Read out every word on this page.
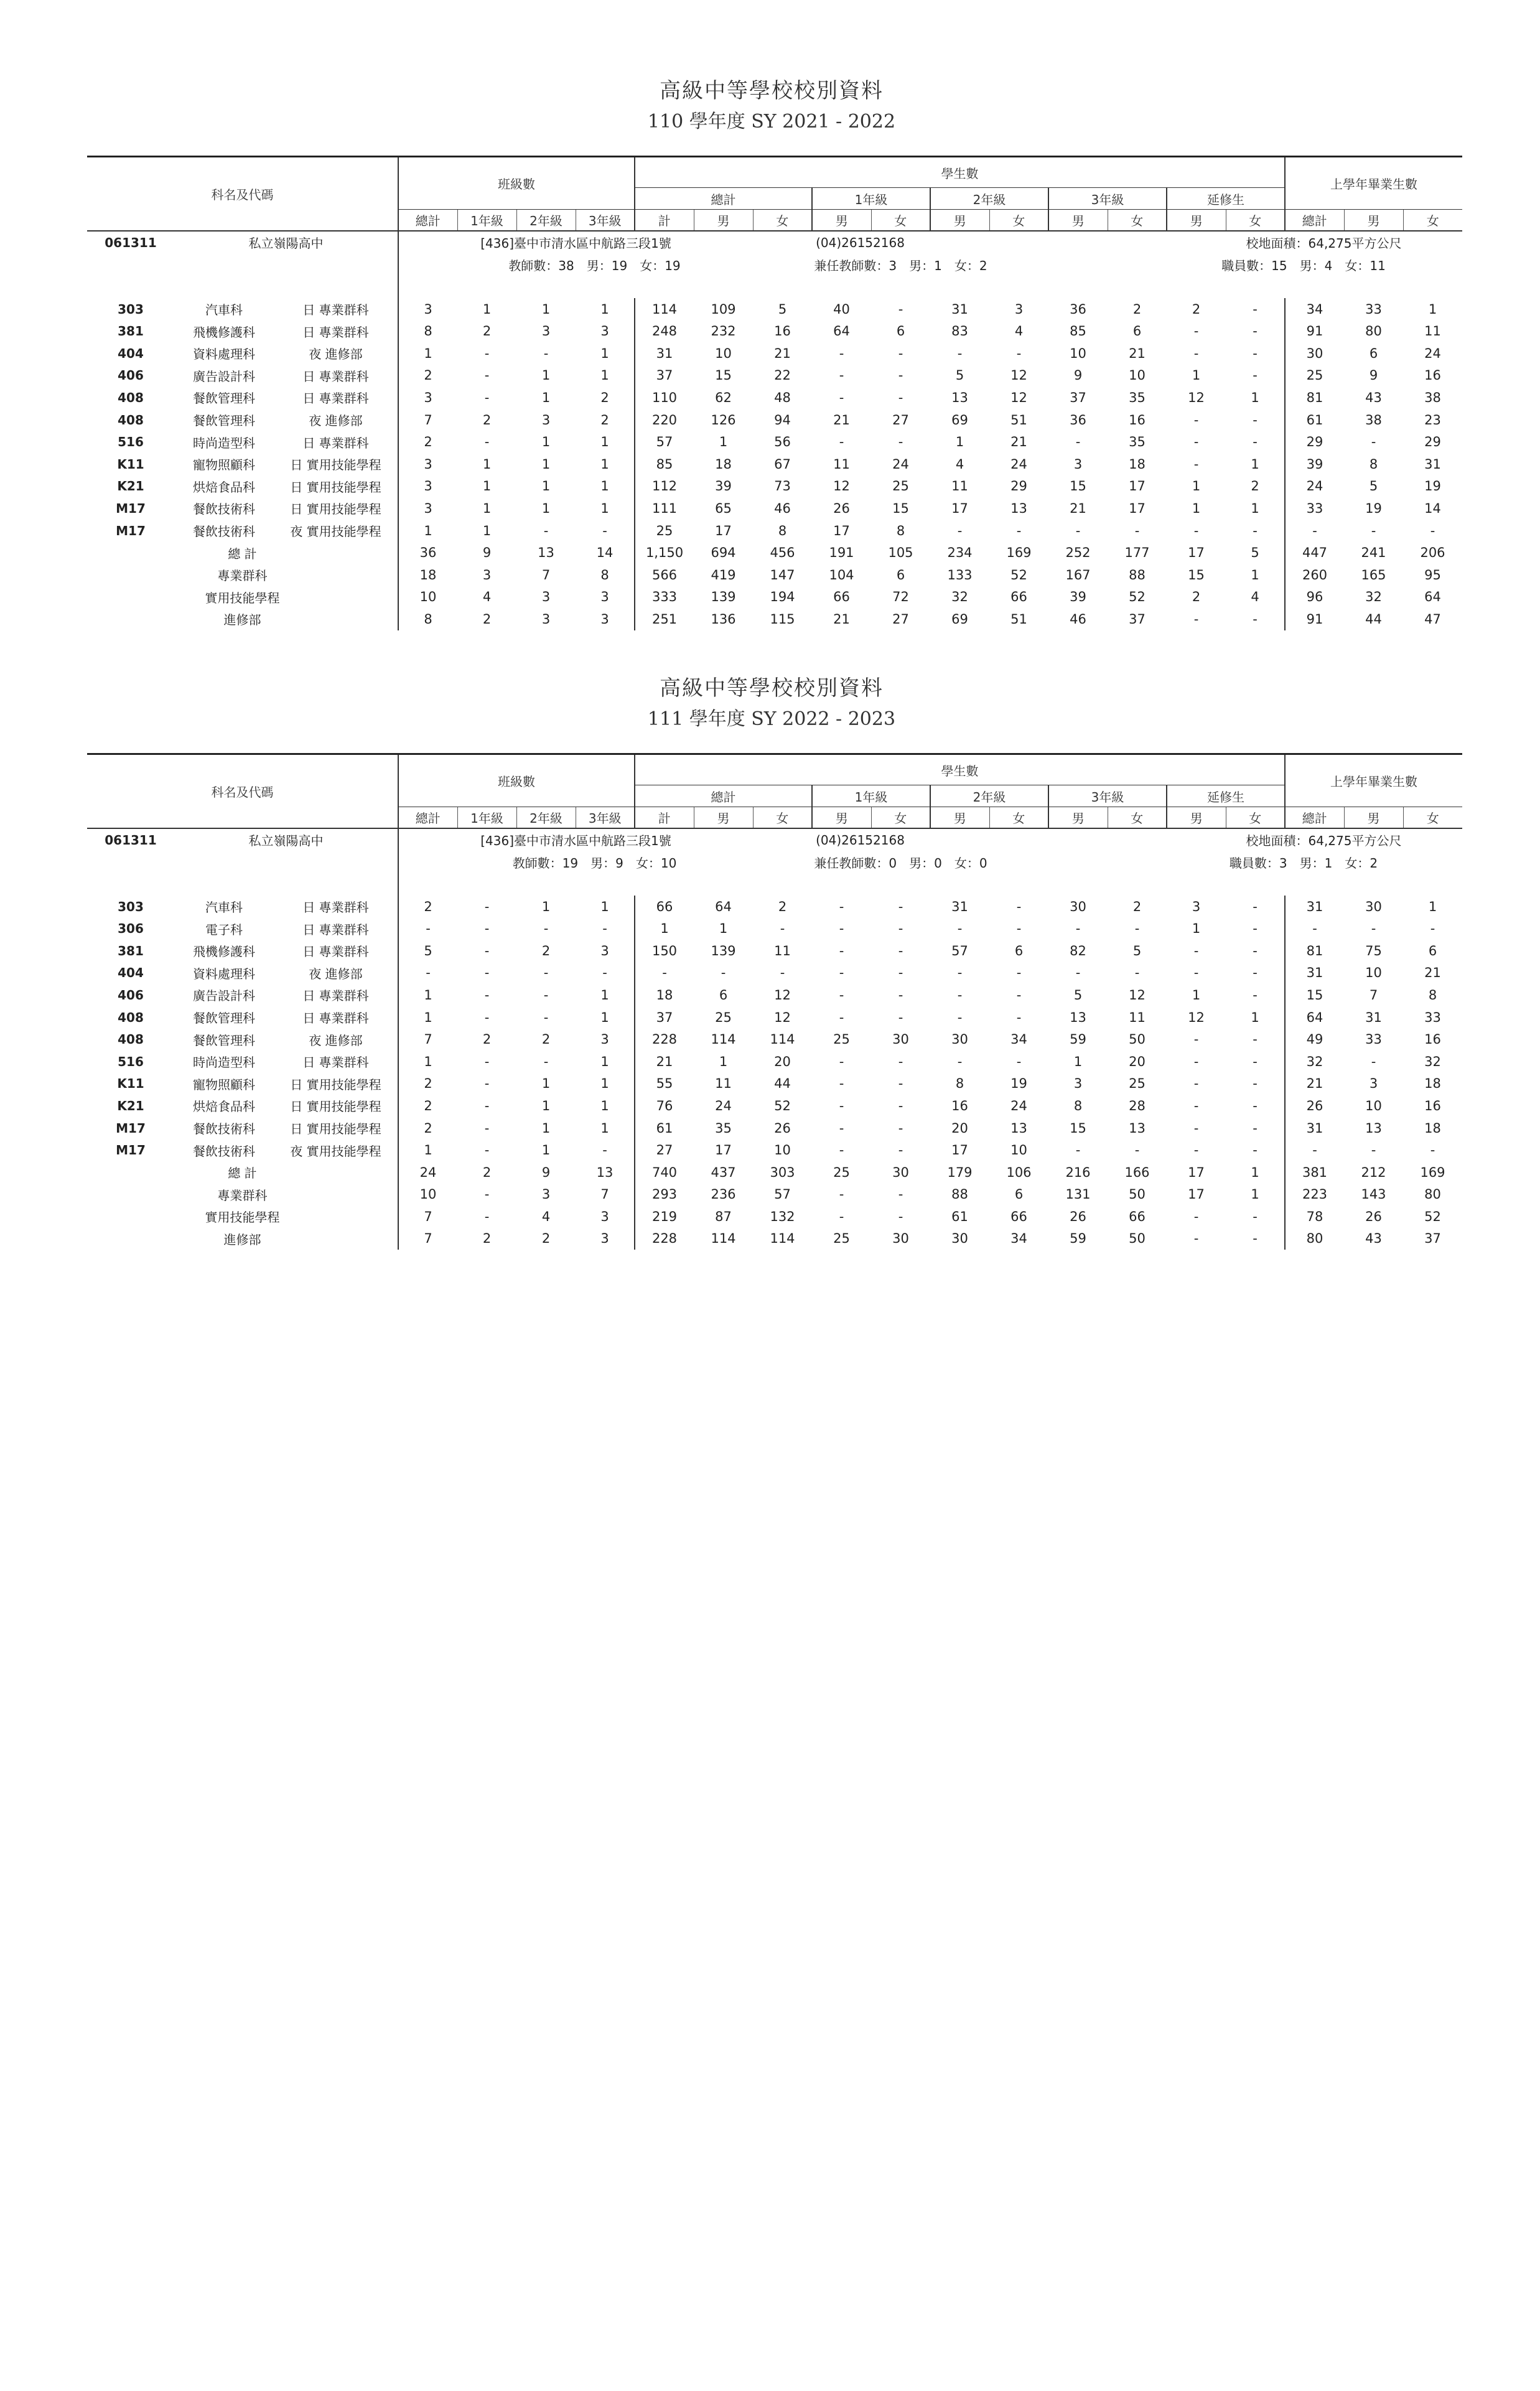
高級中等學校校別資料
110 學年度 SY 2021 - 2022
科名及代碼			班級數				學生數											上學年畢業生數		
							總計			1年級		2年級		3年級		延修生				
			總計	1年級	2年級	3年級	計	男	女	男	女	男	女	男	女	男	女	總計	男	女
061311	私立嶺陽高中		[436]臺中市清水區中航路三段1號						(04)26152168							校地面積：64,275平方公尺				
			教師數：38　男：19　女：19						兼任教師數：3　男：1　女：2						職員數：15　男：4　女：11					

303	汽車科	日 專業群科	3	1	1	1	114	109	5	40	-	31	3	36	2	2	-	34	33	1
381	飛機修護科	日 專業群科	8	2	3	3	248	232	16	64	6	83	4	85	6	-	-	91	80	11
404	資料處理科	夜 進修部	1	-	-	1	31	10	21	-	-	-	-	10	21	-	-	30	6	24
406	廣告設計科	日 專業群科	2	-	1	1	37	15	22	-	-	5	12	9	10	1	-	25	9	16
408	餐飲管理科	日 專業群科	3	-	1	2	110	62	48	-	-	13	12	37	35	12	1	81	43	38
408	餐飲管理科	夜 進修部	7	2	3	2	220	126	94	21	27	69	51	36	16	-	-	61	38	23
516	時尚造型科	日 專業群科	2	-	1	1	57	1	56	-	-	1	21	-	35	-	-	29	-	29
K11	寵物照顧科	日 實用技能學程	3	1	1	1	85	18	67	11	24	4	24	3	18	-	1	39	8	31
K21	烘焙食品科	日 實用技能學程	3	1	1	1	112	39	73	12	25	11	29	15	17	1	2	24	5	19
M17	餐飲技術科	日 實用技能學程	3	1	1	1	111	65	46	26	15	17	13	21	17	1	1	33	19	14
M17	餐飲技術科	夜 實用技能學程	1	1	-	-	25	17	8	17	8	-	-	-	-	-	-	-	-	-
總 計			36	9	13	14	1,150	694	456	191	105	234	169	252	177	17	5	447	241	206
專業群科			18	3	7	8	566	419	147	104	6	133	52	167	88	15	1	260	165	95
實用技能學程			10	4	3	3	333	139	194	66	72	32	66	39	52	2	4	96	32	64
進修部			8	2	3	3	251	136	115	21	27	69	51	46	37	-	-	91	44	47
高級中等學校校別資料
111 學年度 SY 2022 - 2023
科名及代碼			班級數				學生數											上學年畢業生數		
							總計			1年級		2年級		3年級		延修生				
			總計	1年級	2年級	3年級	計	男	女	男	女	男	女	男	女	男	女	總計	男	女
061311	私立嶺陽高中		[436]臺中市清水區中航路三段1號						(04)26152168							校地面積：64,275平方公尺				
			教師數：19　男：9　女：10						兼任教師數：0　男：0　女：0						職員數：3　男：1　女：2					

303	汽車科	日 專業群科	2	-	1	1	66	64	2	-	-	31	-	30	2	3	-	31	30	1
306	電子科	日 專業群科	-	-	-	-	1	1	-	-	-	-	-	-	-	1	-	-	-	-
381	飛機修護科	日 專業群科	5	-	2	3	150	139	11	-	-	57	6	82	5	-	-	81	75	6
404	資料處理科	夜 進修部	-	-	-	-	-	-	-	-	-	-	-	-	-	-	-	31	10	21
406	廣告設計科	日 專業群科	1	-	-	1	18	6	12	-	-	-	-	5	12	1	-	15	7	8
408	餐飲管理科	日 專業群科	1	-	-	1	37	25	12	-	-	-	-	13	11	12	1	64	31	33
408	餐飲管理科	夜 進修部	7	2	2	3	228	114	114	25	30	30	34	59	50	-	-	49	33	16
516	時尚造型科	日 專業群科	1	-	-	1	21	1	20	-	-	-	-	1	20	-	-	32	-	32
K11	寵物照顧科	日 實用技能學程	2	-	1	1	55	11	44	-	-	8	19	3	25	-	-	21	3	18
K21	烘焙食品科	日 實用技能學程	2	-	1	1	76	24	52	-	-	16	24	8	28	-	-	26	10	16
M17	餐飲技術科	日 實用技能學程	2	-	1	1	61	35	26	-	-	20	13	15	13	-	-	31	13	18
M17	餐飲技術科	夜 實用技能學程	1	-	1	-	27	17	10	-	-	17	10	-	-	-	-	-	-	-
總 計			24	2	9	13	740	437	303	25	30	179	106	216	166	17	1	381	212	169
專業群科			10	-	3	7	293	236	57	-	-	88	6	131	50	17	1	223	143	80
實用技能學程			7	-	4	3	219	87	132	-	-	61	66	26	66	-	-	78	26	52
進修部			7	2	2	3	228	114	114	25	30	30	34	59	50	-	-	80	43	37
